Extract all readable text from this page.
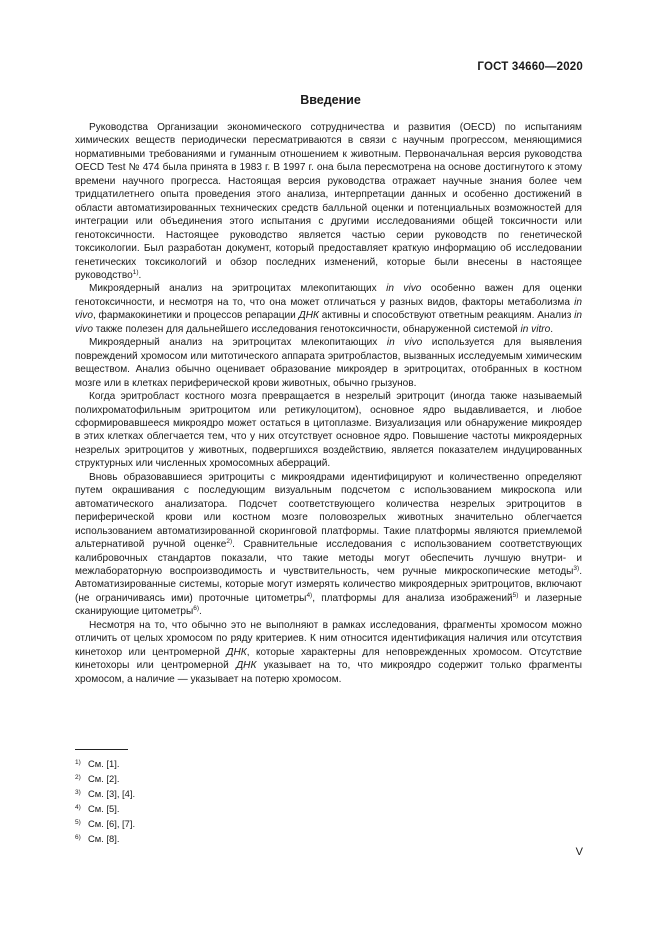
ГОСТ 34660—2020
Введение

Руководства Организации экономического сотрудничества и развития (OECD) по испытаниям химических веществ периодически пересматриваются в связи с научным прогрессом, меняющимися нормативными требованиями и гуманным отношением к животным. Первоначальная версия руководства OECD Test № 474 была принята в 1983 г. В 1997 г. она была пересмотрена на основе достигнутого к этому времени научного прогресса. Настоящая версия руководства отражает научные знания более чем тридцатилетнего опыта проведения этого анализа, интерпретации данных и особенно достижений в области автоматизированных технических средств балльной оценки и потенциальных возможностей для интеграции или объединения этого испытания с другими исследованиями общей токсичности или генотоксичности. Настоящее руководство является частью серии руководств по генетической токсикологии. Был разработан документ, который предоставляет краткую информацию об исследовании генетических токсикологий и обзор последних изменений, которые были внесены в настоящее руководство$^{1)}$.

Микроядерный анализ на эритроцитах млекопитающих in vivo особенно важен для оценки генотоксичности, и несмотря на то, что она может отличаться у разных видов, факторы метаболизма in vivo, фармакокинетики и процессов репарации ДНК активны и способствуют ответным реакциям. Анализ in vivo также полезен для дальнейшего исследования генотоксичности, обнаруженной системой in vitro.

Микроядерный анализ на эритроцитах млекопитающих in vivo используется для выявления повреждений хромосом или митотического аппарата эритробластов, вызванных исследуемым химическим веществом. Анализ обычно оценивает образование микроядер в эритроцитах, отобранных в костном мозге или в клетках периферической крови животных, обычно грызунов.

Когда эритробласт костного мозга превращается в незрелый эритроцит (иногда также называемый полихроматофильным эритроцитом или ретикулоцитом), основное ядро выдавливается, и любое сформировавшееся микроядро может остаться в цитоплазме. Визуализация или обнаружение микроядер в этих клетках облегчается тем, что у них отсутствует основное ядро. Повышение частоты микроядерных незрелых эритроцитов у животных, подвергшихся воздействию, является показателем индуцированных структурных или численных хромосомных аберраций.

Вновь образовавшиеся эритроциты с микроядрами идентифицируют и количественно определяют путем окрашивания с последующим визуальным подсчетом с использованием микроскопа или автоматического анализатора. Подсчет соответствующего количества незрелых эритроцитов в периферической крови или костном мозге половозрелых животных значительно облегчается использованием автоматизированной скоринговой платформы. Такие платформы являются приемлемой альтернативой ручной оценке$^{2)}$. Сравнительные исследования с использованием соответствующих калибровочных стандартов показали, что такие методы могут обеспечить лучшую внутри- и межлабораторную воспроизводимость и чувствительность, чем ручные микроскопические методы$^{3)}$. Автоматизированные системы, которые могут измерять количество микроядерных эритроцитов, включают (не ограничиваясь ими) проточные цитометры$^{4)}$, платформы для анализа изображений$^{5)}$ и лазерные сканирующие цитометры$^{6)}$.

Несмотря на то, что обычно это не выполняют в рамках исследования, фрагменты хромосом можно отличить от целых хромосом по ряду критериев. К ним относится идентификация наличия или отсутствия кинетохор или центромерной ДНК, которые характерны для неповрежденных хромосом. Отсутствие кинетохоры или центромерной ДНК указывает на то, что микроядро содержит только фрагменты хромосом, а наличие — указывает на потерю хромосом.

1) См. [1].
2) См. [2].
3) См. [3], [4].
4) См. [5].
5) См. [6], [7].
6) См. [8].
V
